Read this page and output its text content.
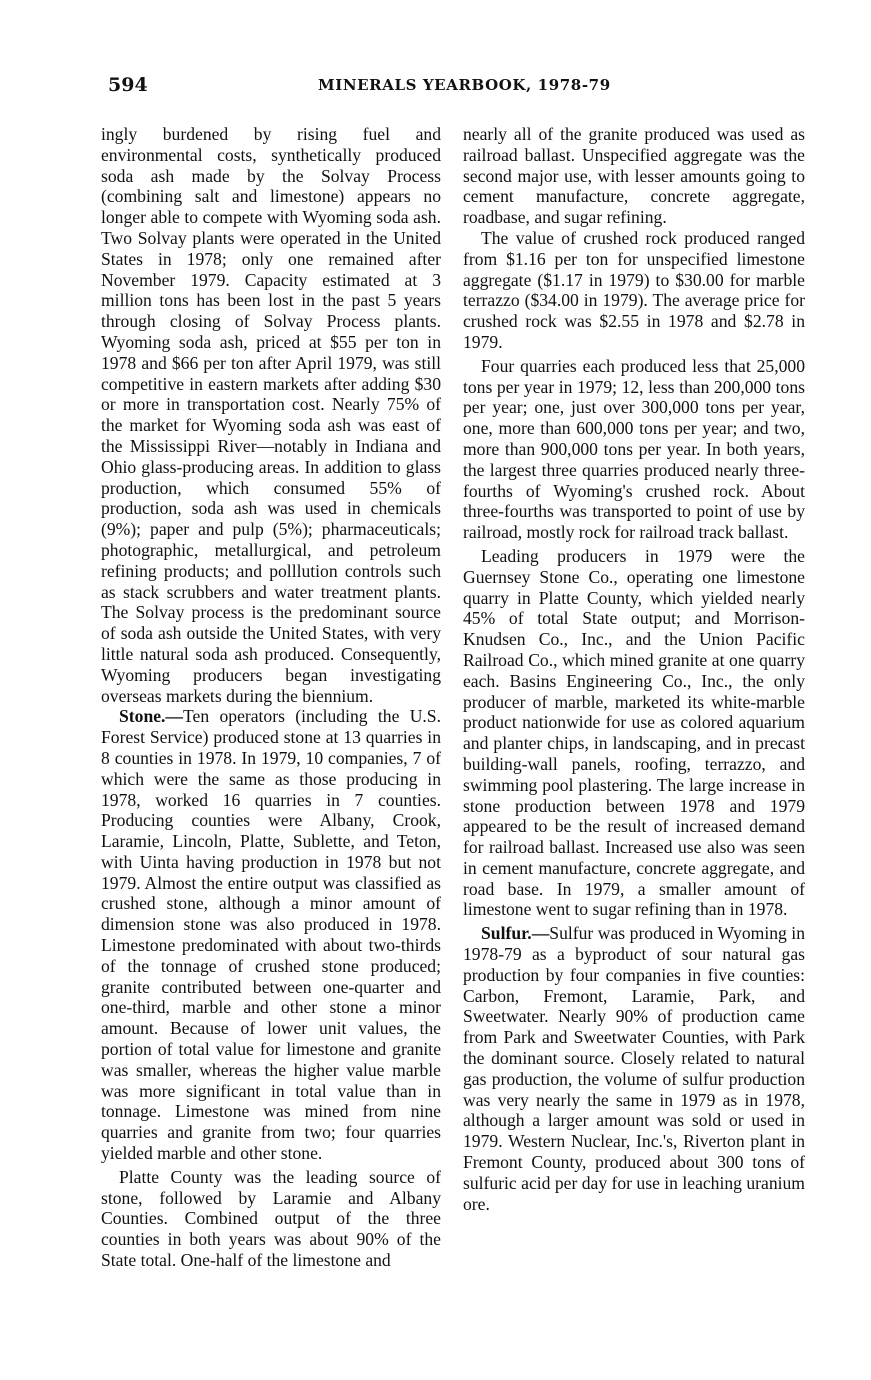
594	MINERALS YEARBOOK, 1978-79

ingly burdened by rising fuel and environmental costs, synthetically produced soda ash made by the Solvay Process (combining salt and limestone) appears no longer able to compete with Wyoming soda ash. Two Solvay plants were operated in the United States in 1978; only one remained after November 1979. Capacity estimated at 3 million tons has been lost in the past 5 years through closing of Solvay Process plants. Wyoming soda ash, priced at $55 per ton in 1978 and $66 per ton after April 1979, was still competitive in eastern markets after adding $30 or more in transportation cost. Nearly 75% of the market for Wyoming soda ash was east of the Mississippi River—notably in Indiana and Ohio glass-producing areas. In addition to glass production, which consumed 55% of production, soda ash was used in chemicals (9%); paper and pulp (5%); pharmaceuticals; photographic, metallurgical, and petroleum refining products; and polllution controls such as stack scrubbers and water treatment plants. The Solvay process is the predominant source of soda ash outside the United States, with very little natural soda ash produced. Consequently, Wyoming producers began investigating overseas markets during the biennium.

Stone.—Ten operators (including the U.S. Forest Service) produced stone at 13 quarries in 8 counties in 1978. In 1979, 10 companies, 7 of which were the same as those producing in 1978, worked 16 quarries in 7 counties. Producing counties were Albany, Crook, Laramie, Lincoln, Platte, Sublette, and Teton, with Uinta having production in 1978 but not 1979. Almost the entire output was classified as crushed stone, although a minor amount of dimension stone was also produced in 1978. Limestone predominated with about two-thirds of the tonnage of crushed stone produced; granite contributed between one-quarter and one-third, marble and other stone a minor amount. Because of lower unit values, the portion of total value for limestone and granite was smaller, whereas the higher value marble was more significant in total value than in tonnage. Limestone was mined from nine quarries and granite from two; four quarries yielded marble and other stone.

Platte County was the leading source of stone, followed by Laramie and Albany Counties. Combined output of the three counties in both years was about 90% of the State total. One-half of the limestone and

nearly all of the granite produced was used as railroad ballast. Unspecified aggregate was the second major use, with lesser amounts going to cement manufacture, concrete aggregate, roadbase, and sugar refining.

The value of crushed rock produced ranged from $1.16 per ton for unspecified limestone aggregate ($1.17 in 1979) to $30.00 for marble terrazzo ($34.00 in 1979). The average price for crushed rock was $2.55 in 1978 and $2.78 in 1979.

Four quarries each produced less that 25,000 tons per year in 1979; 12, less than 200,000 tons per year; one, just over 300,000 tons per year, one, more than 600,000 tons per year; and two, more than 900,000 tons per year. In both years, the largest three quarries produced nearly three-fourths of Wyoming's crushed rock. About three-fourths was transported to point of use by railroad, mostly rock for railroad track ballast.

Leading producers in 1979 were the Guernsey Stone Co., operating one limestone quarry in Platte County, which yielded nearly 45% of total State output; and Morrison-Knudsen Co., Inc., and the Union Pacific Railroad Co., which mined granite at one quarry each. Basins Engineering Co., Inc., the only producer of marble, marketed its white-marble product nationwide for use as colored aquarium and planter chips, in landscaping, and in precast building-wall panels, roofing, terrazzo, and swimming pool plastering. The large increase in stone production between 1978 and 1979 appeared to be the result of increased demand for railroad ballast. Increased use also was seen in cement manufacture, concrete aggregate, and road base. In 1979, a smaller amount of limestone went to sugar refining than in 1978.

Sulfur.—Sulfur was produced in Wyoming in 1978-79 as a byproduct of sour natural gas production by four companies in five counties: Carbon, Fremont, Laramie, Park, and Sweetwater. Nearly 90% of production came from Park and Sweetwater Counties, with Park the dominant source. Closely related to natural gas production, the volume of sulfur production was very nearly the same in 1979 as in 1978, although a larger amount was sold or used in 1979. Western Nuclear, Inc.'s, Riverton plant in Fremont County, produced about 300 tons of sulfuric acid per day for use in leaching uranium ore.
